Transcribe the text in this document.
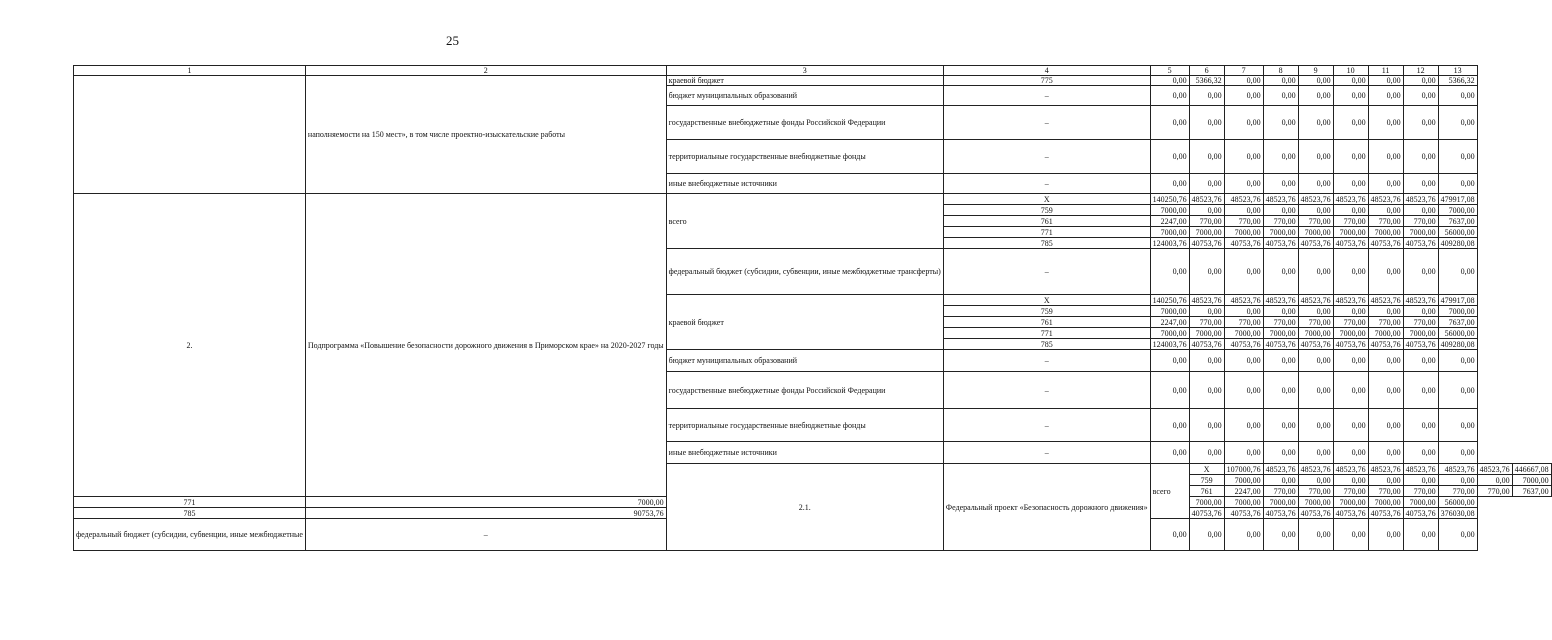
25
1	2	3	4	5	6	7	8	9	10	11	12	13		
	наполняемости на 150 мест», в том числе проектно-изыскательские работы	краевой бюджет	775	0,00	5366,32	0,00	0,00	0,00	0,00	0,00	0,00	5366,32		
		бюджет муниципальных образований	–	0,00	0,00	0,00	0,00	0,00	0,00	0,00	0,00	0,00		
		государственные внебюджетные фонды Российской Федерации	–	0,00	0,00	0,00	0,00	0,00	0,00	0,00	0,00	0,00		
		территориальные государственные внебюджетные фонды	–	0,00	0,00	0,00	0,00	0,00	0,00	0,00	0,00	0,00		
		иные внебюджетные источники	–	0,00	0,00	0,00	0,00	0,00	0,00	0,00	0,00	0,00		
2.	Подпрограмма «Повышение безопасности дорожного движения в Приморском крае» на 2020-2027 годы	всего	X	140250,76	48523,76	48523,76	48523,76	48523,76	48523,76	48523,76	48523,76	479917,08		
			759	7000,00	0,00	0,00	0,00	0,00	0,00	0,00	0,00	7000,00		
			761	2247,00	770,00	770,00	770,00	770,00	770,00	770,00	770,00	7637,00		
			771	7000,00	7000,00	7000,00	7000,00	7000,00	7000,00	7000,00	7000,00	56000,00		
			785	124003,76	40753,76	40753,76	40753,76	40753,76	40753,76	40753,76	40753,76	409280,08		
		федеральный бюджет (субсидии, субвенции, иные межбюджетные трансферты)	–	0,00	0,00	0,00	0,00	0,00	0,00	0,00	0,00	0,00		
		краевой бюджет	X	140250,76	48523,76	48523,76	48523,76	48523,76	48523,76	48523,76	48523,76	479917,08		
			759	7000,00	0,00	0,00	0,00	0,00	0,00	0,00	0,00	7000,00		
			761	2247,00	770,00	770,00	770,00	770,00	770,00	770,00	770,00	7637,00		
			771	7000,00	7000,00	7000,00	7000,00	7000,00	7000,00	7000,00	7000,00	56000,00		
			785	124003,76	40753,76	40753,76	40753,76	40753,76	40753,76	40753,76	40753,76	409280,08		
		бюджет муниципальных образований	–	0,00	0,00	0,00	0,00	0,00	0,00	0,00	0,00	0,00		
		государственные внебюджетные фонды Российской Федерации	–	0,00	0,00	0,00	0,00	0,00	0,00	0,00	0,00	0,00		
		территориальные государственные внебюджетные фонды	–	0,00	0,00	0,00	0,00	0,00	0,00	0,00	0,00	0,00		
		иные внебюджетные источники	–	0,00	0,00	0,00	0,00	0,00	0,00	0,00	0,00	0,00		
		2.1.	Федеральный проект «Безопасность дорожного движения»	всего	X	107000,76	48523,76	48523,76	48523,76	48523,76	48523,76	48523,76	48523,76	446667,08
					759	7000,00	0,00	0,00	0,00	0,00	0,00	0,00	0,00	7000,00
					761	2247,00	770,00	770,00	770,00	770,00	770,00	770,00	770,00	7637,00
771	7000,00				7000,00	7000,00	7000,00	7000,00	7000,00	7000,00	7000,00	56000,00		
785	90753,76				40753,76	40753,76	40753,76	40753,76	40753,76	40753,76	40753,76	376030,08		
федеральный бюджет (субсидии, субвенции, иные межбюджетные	–			0,00	0,00	0,00	0,00	0,00	0,00	0,00	0,00	0,00		
